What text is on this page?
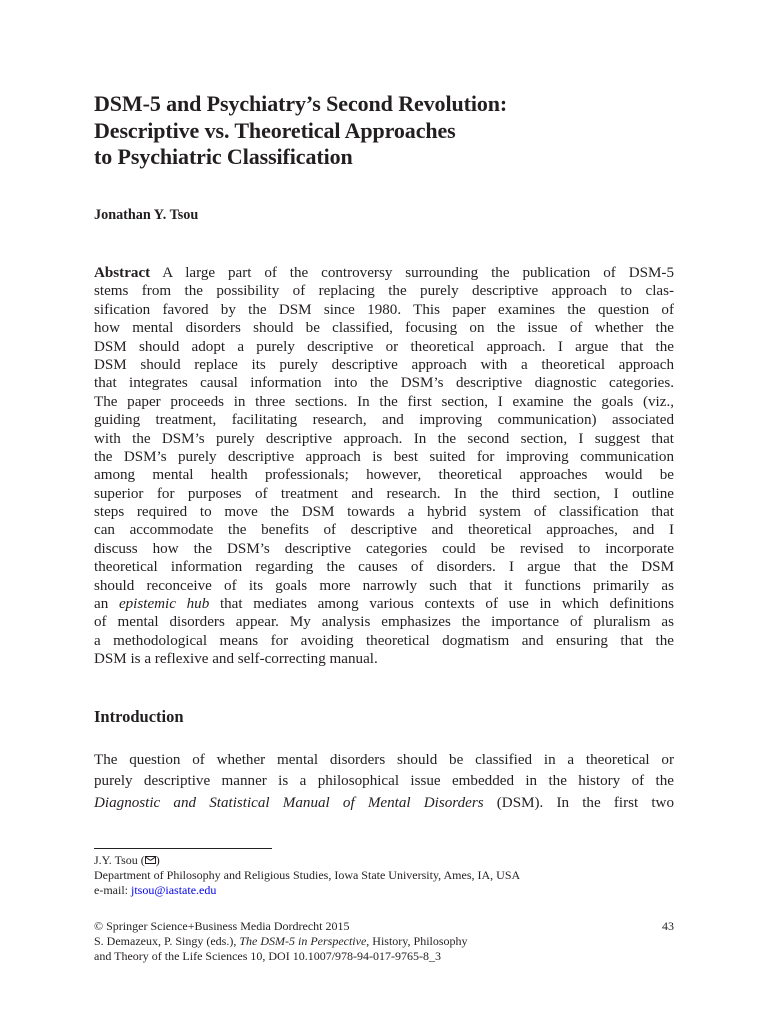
DSM-5 and Psychiatry’s Second Revolution:
Descriptive vs. Theoretical Approaches
to Psychiatric Classification
Jonathan Y. Tsou
Abstract A large part of the controversy surrounding the publication of DSM-5
stems from the possibility of replacing the purely descriptive approach to clas-
sification favored by the DSM since 1980. This paper examines the question of
how mental disorders should be classified, focusing on the issue of whether the
DSM should adopt a purely descriptive or theoretical approach. I argue that the
DSM should replace its purely descriptive approach with a theoretical approach
that integrates causal information into the DSM’s descriptive diagnostic categories.
The paper proceeds in three sections. In the first section, I examine the goals (viz.,
guiding treatment, facilitating research, and improving communication) associated
with the DSM’s purely descriptive approach. In the second section, I suggest that
the DSM’s purely descriptive approach is best suited for improving communication
among mental health professionals; however, theoretical approaches would be
superior for purposes of treatment and research. In the third section, I outline
steps required to move the DSM towards a hybrid system of classification that
can accommodate the benefits of descriptive and theoretical approaches, and I
discuss how the DSM’s descriptive categories could be revised to incorporate
theoretical information regarding the causes of disorders. I argue that the DSM
should reconceive of its goals more narrowly such that it functions primarily as
an epistemic hub that mediates among various contexts of use in which definitions
of mental disorders appear. My analysis emphasizes the importance of pluralism as
a methodological means for avoiding theoretical dogmatism and ensuring that the
DSM is a reflexive and self-correcting manual.
Introduction
The question of whether mental disorders should be classified in a theoretical or
purely descriptive manner is a philosophical issue embedded in the history of the
Diagnostic and Statistical Manual of Mental Disorders (DSM). In the first two
J.Y. Tsou ( )
Department of Philosophy and Religious Studies, Iowa State University, Ames, IA, USA
e-mail: jtsou@iastate.edu
© Springer Science+Business Media Dordrecht 2015
S. Demazeux, P. Singy (eds.), The DSM-5 in Perspective, History, Philosophy
and Theory of the Life Sciences 10, DOI 10.1007/978-94-017-9765-8_3
43
